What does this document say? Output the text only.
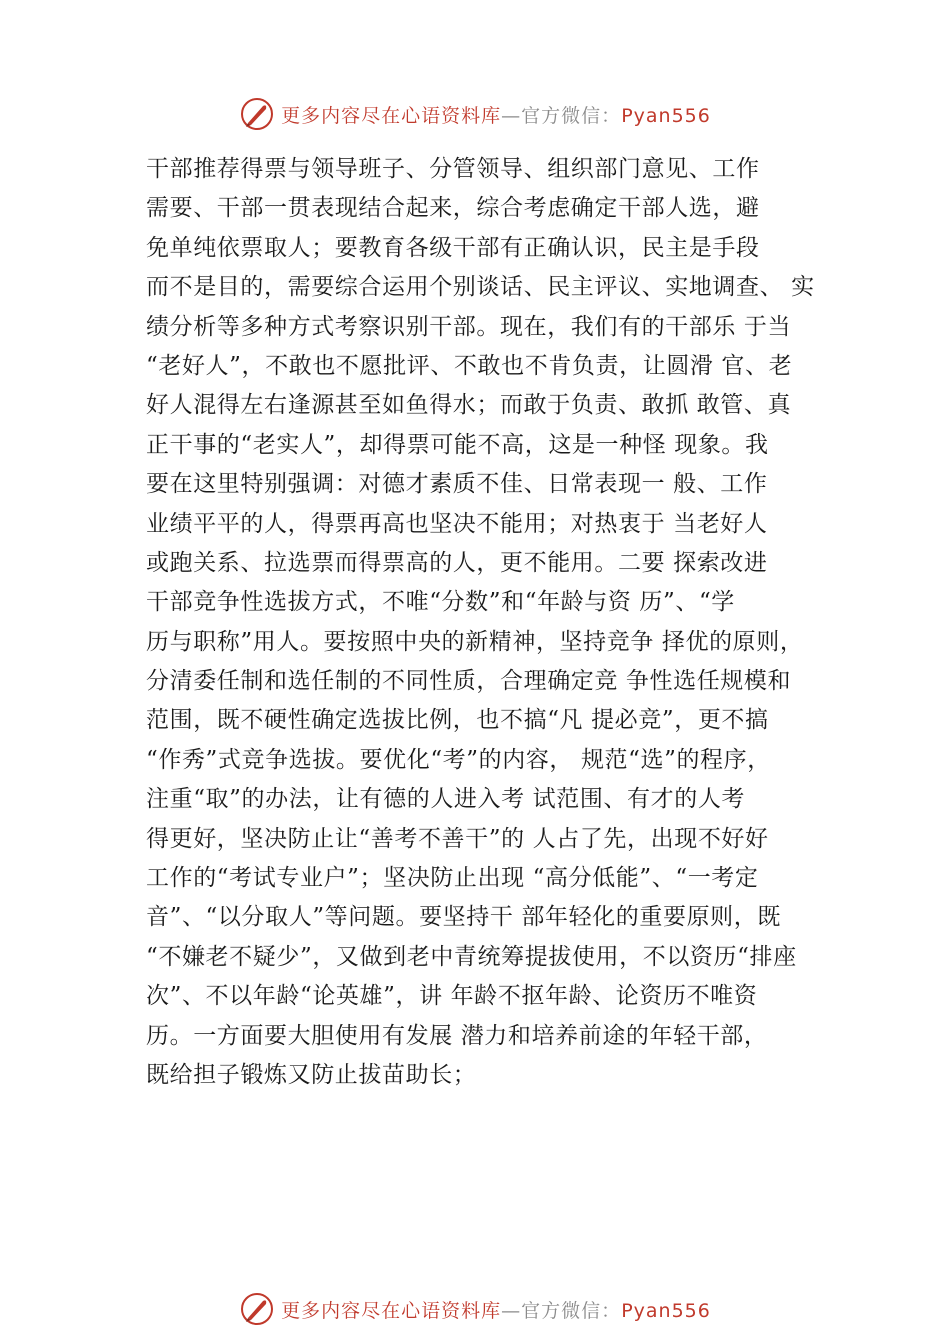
更多内容尽在心语资料库—官方微信：Pyan556
干部推荐得票与领导班子、分管领导、组织部门意见、工作
需要、干部一贯表现结合起来，综合考虑确定干部人选，避
免单纯依票取人；要教育各级干部有正确认识，民主是手段
而不是目的，需要综合运用个别谈话、民主评议、实地调查、 实
绩分析等多种方式考察识别干部。现在，我们有的干部乐 于当
“老好人”，不敢也不愿批评、不敢也不肯负责，让圆滑 官、老
好人混得左右逢源甚至如鱼得水；而敢于负责、敢抓 敢管、真
正干事的“老实人”，却得票可能不高，这是一种怪 现象。我
要在这里特别强调：对德才素质不佳、日常表现一 般、工作
业绩平平的人，得票再高也坚决不能用；对热衷于 当老好人
或跑关系、拉选票而得票高的人，更不能用。二要 探索改进
干部竞争性选拔方式，不唯“分数”和“年龄与资 历”、“学
历与职称”用人。要按照中央的新精神，坚持竞争 择优的原则，
分清委任制和选任制的不同性质，合理确定竞 争性选任规模和
范围，既不硬性确定选拔比例，也不搞“凡 提必竞”，更不搞
“作秀”式竞争选拔。要优化“考”的内容， 规范“选”的程序，
注重“取”的办法，让有德的人进入考 试范围、有才的人考
得更好，坚决防止让“善考不善干”的 人占了先，出现不好好
工作的“考试专业户”；坚决防止出现 “高分低能”、“一考定
音”、“以分取人”等问题。要坚持干 部年轻化的重要原则，既
“不嫌老不疑少”，又做到老中青统筹提拔使用，不以资历“排座
次”、不以年龄“论英雄”，讲 年龄不抠年龄、论资历不唯资
历。一方面要大胆使用有发展 潜力和培养前途的年轻干部，
既给担子锻炼又防止拔苗助长；
更多内容尽在心语资料库—官方微信：Pyan556
